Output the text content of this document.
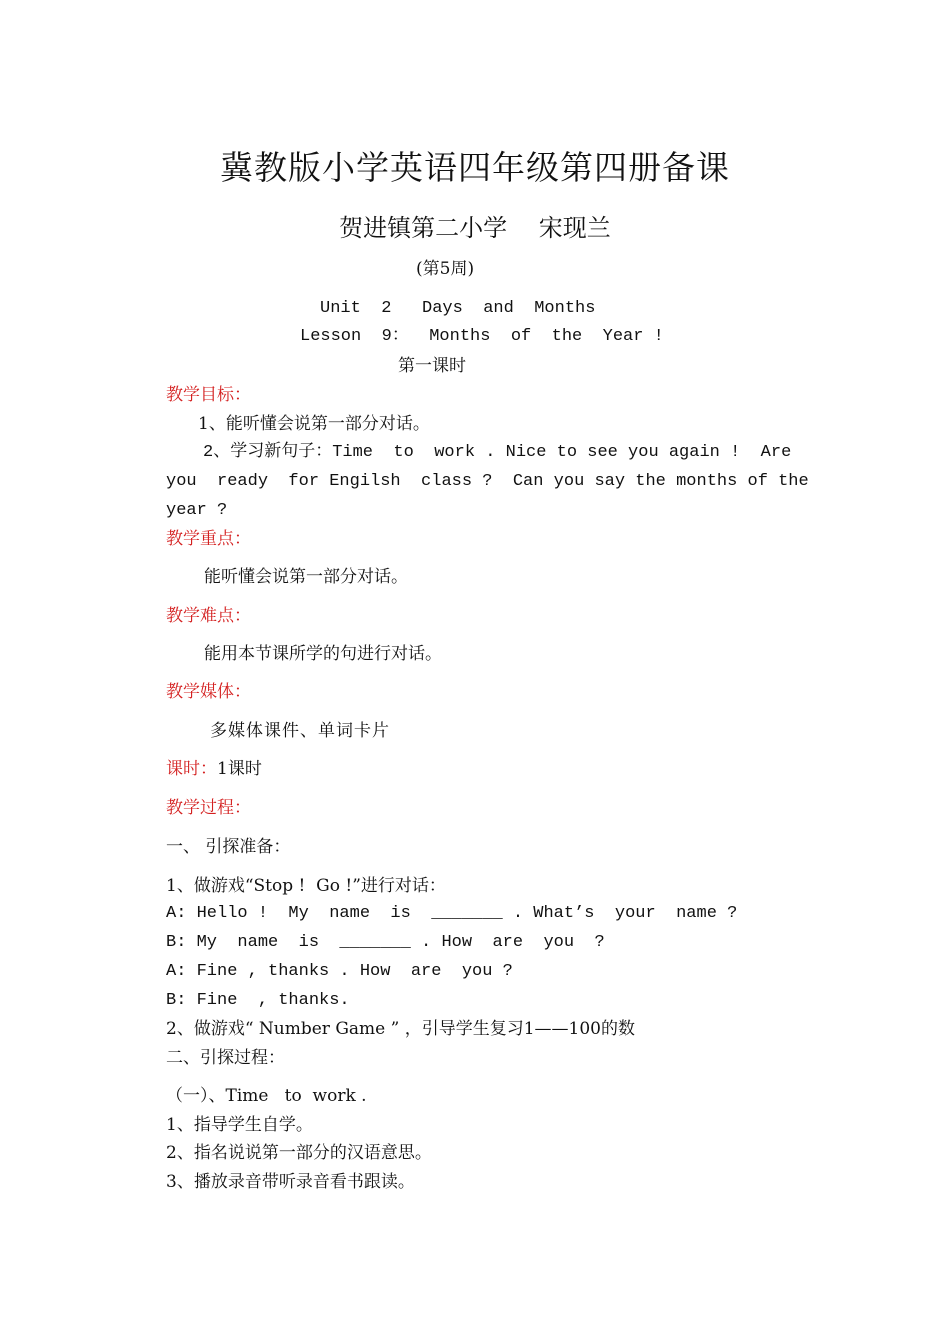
冀教版小学英语四年级第四册备课
贺进镇第二小学　 宋现兰
(第5周)
Unit  2   Days  and  Months
Lesson  9：  Months  of  the  Year !
第一课时
教学目标：
1、能听懂会说第一部分对话。
2、学习新句子：Time  to  work . Nice to see you again !  Are
you  ready  for Engilsh  class ?  Can you say the months of the
year ?
教学重点：
能听懂会说第一部分对话。
教学难点：
能用本节课所学的句进行对话。
教学媒体：
多媒体课件、单词卡片
课时：1课时
教学过程：
一、 引探准备：
1、做游戏“Stop !  Go !”进行对话：
A: Hello !  My  name  is  _______ . What’s  your  name ?
B: My  name  is  _______ . How  are  you  ?
A: Fine , thanks . How  are  you ?
B: Fine  , thanks.
2、做游戏“ Number Game ” ，引导学生复习1——100的数
二、引探过程：
（一）、Time   to  work .
1、指导学生自学。
2、指名说说第一部分的汉语意思。
3、播放录音带听录音看书跟读。
